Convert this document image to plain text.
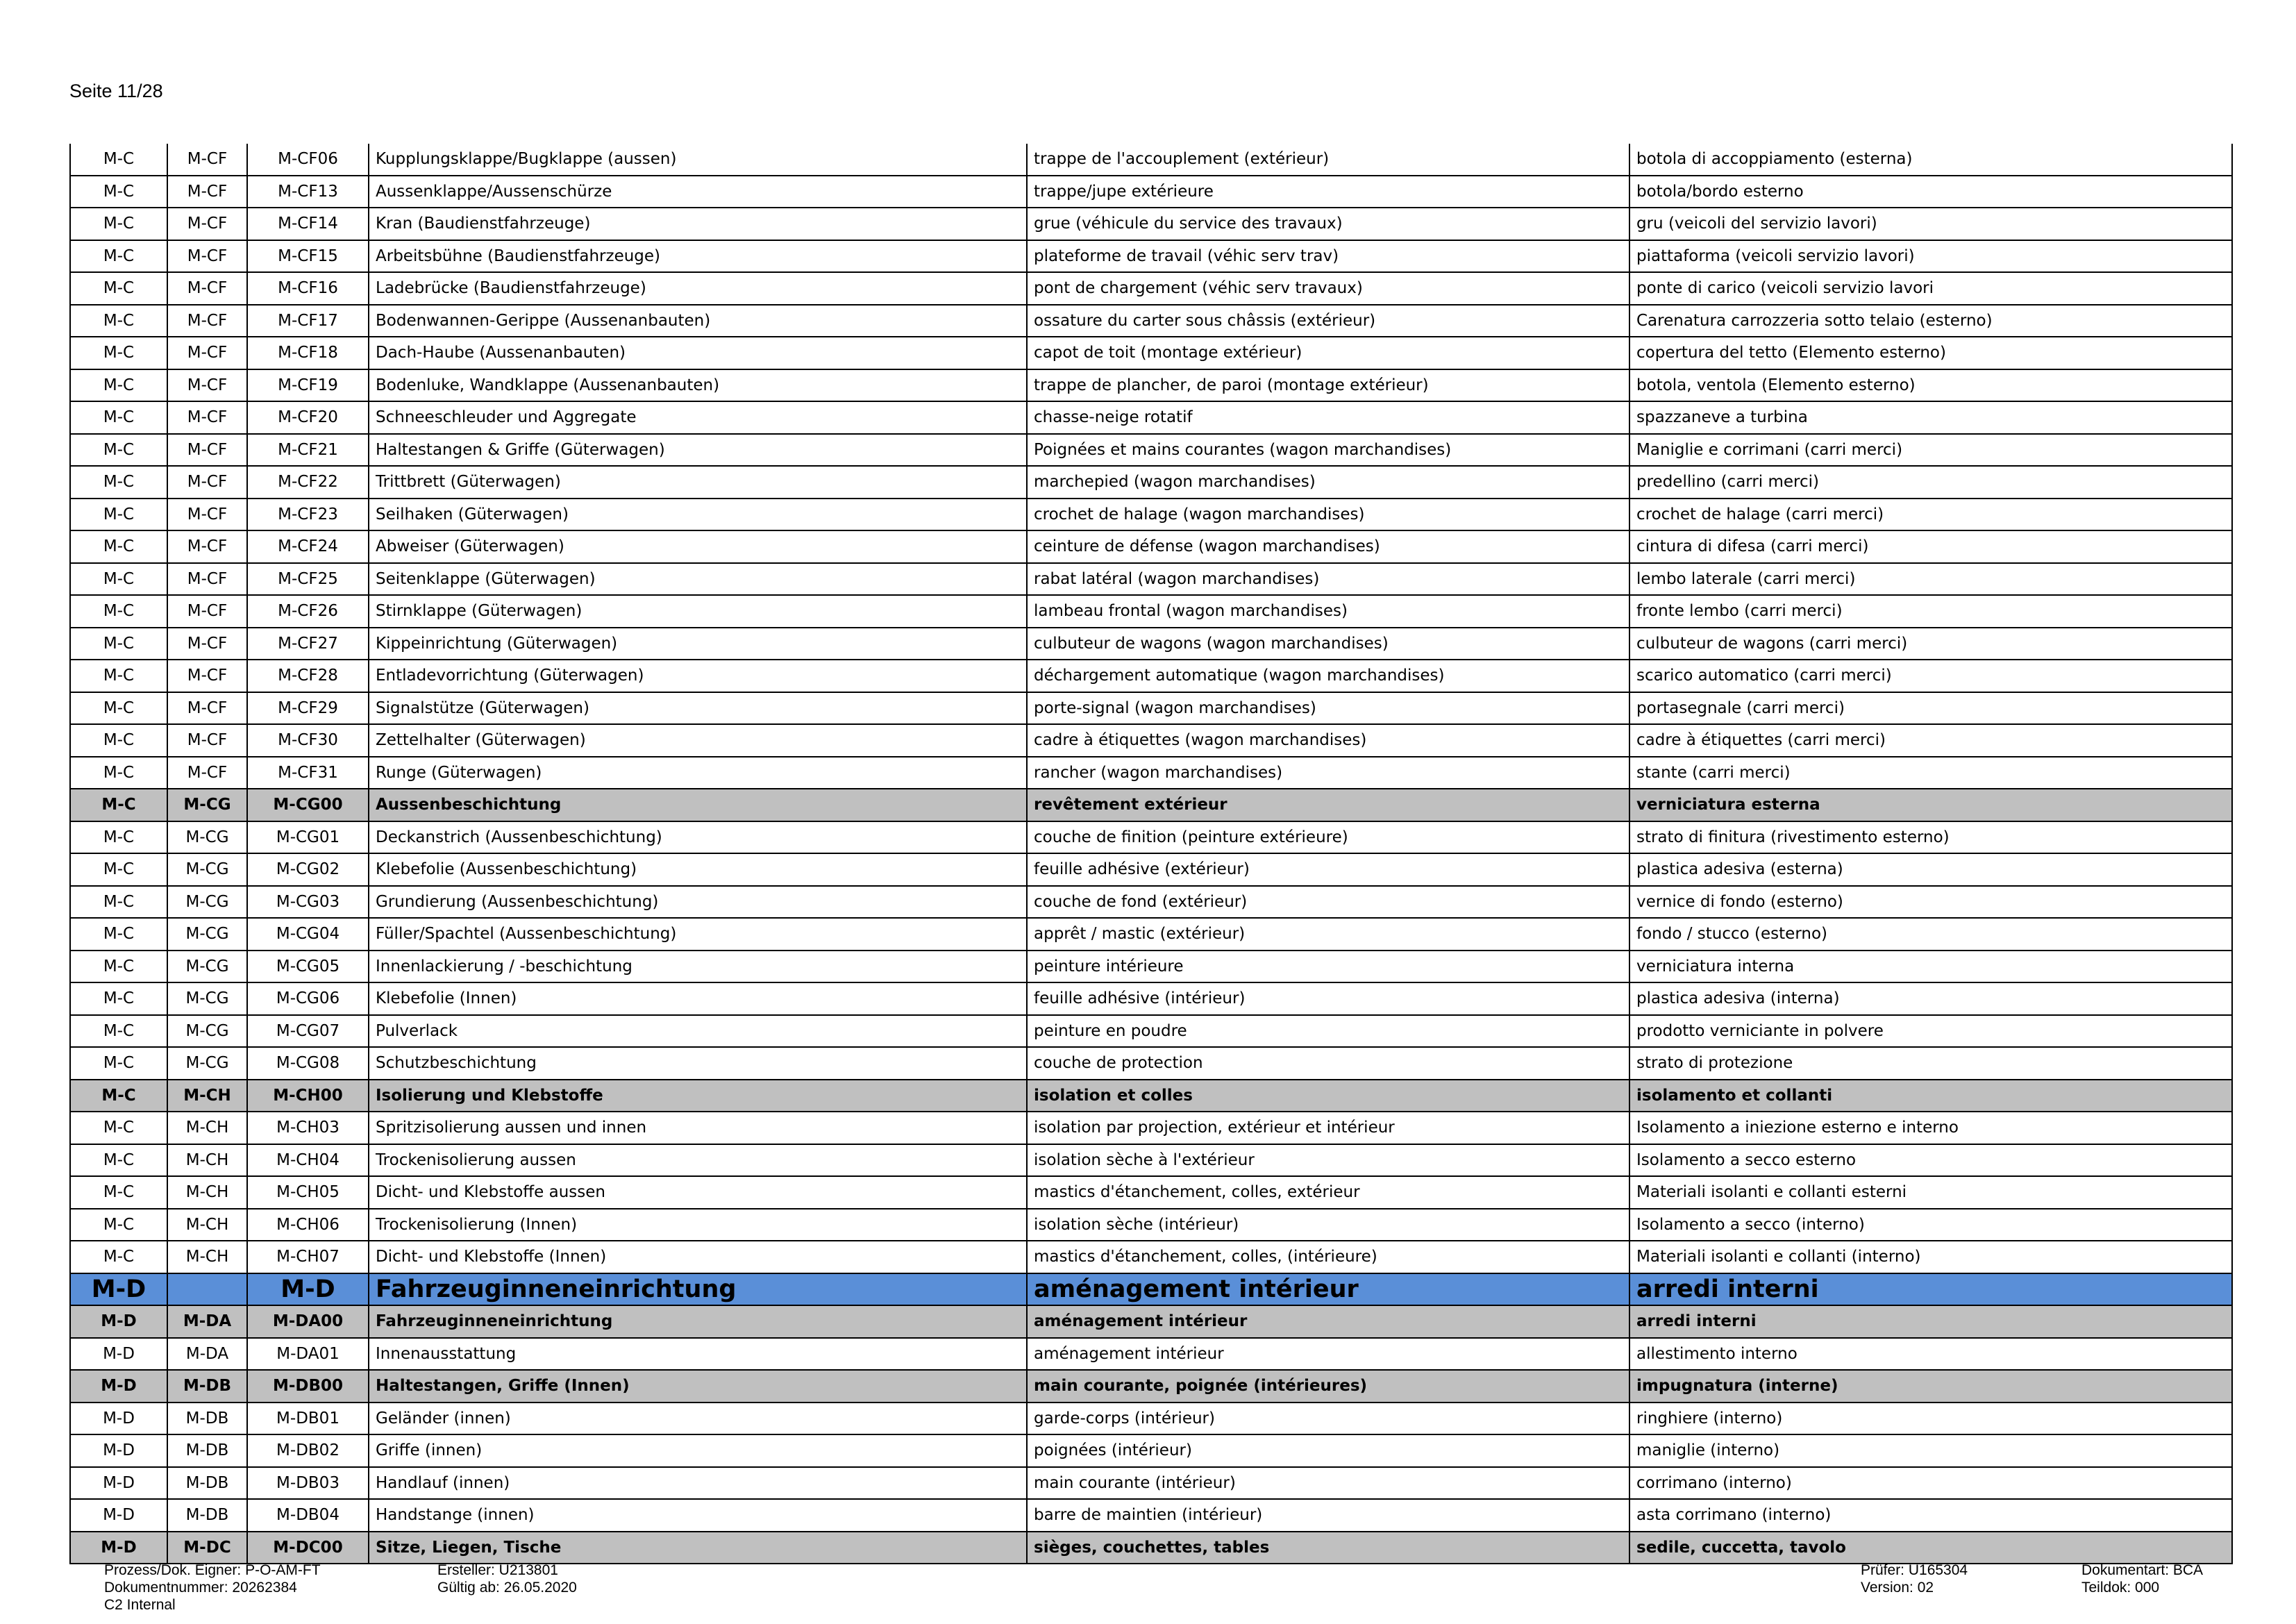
Seite 11/28
M-C	M-CF	M-CF06	Kupplungsklappe/Bugklappe (aussen)	trappe de l'accouplement (extérieur)	botola di accoppiamento (esterna)
M-C	M-CF	M-CF13	Aussenklappe/Aussenschürze	trappe/jupe extérieure	botola/bordo esterno
M-C	M-CF	M-CF14	Kran (Baudienstfahrzeuge)	grue (véhicule du service des travaux)	gru (veicoli del servizio lavori)
M-C	M-CF	M-CF15	Arbeitsbühne (Baudienstfahrzeuge)	plateforme de travail (véhic serv trav)	piattaforma (veicoli servizio lavori)
M-C	M-CF	M-CF16	Ladebrücke (Baudienstfahrzeuge)	pont de chargement (véhic serv travaux)	ponte di carico (veicoli servizio lavori
M-C	M-CF	M-CF17	Bodenwannen-Gerippe (Aussenanbauten)	ossature du carter sous châssis (extérieur)	Carenatura carrozzeria sotto telaio (esterno)
M-C	M-CF	M-CF18	Dach-Haube (Aussenanbauten)	capot de toit (montage extérieur)	copertura del tetto (Elemento esterno)
M-C	M-CF	M-CF19	Bodenluke, Wandklappe (Aussenanbauten)	trappe de plancher, de paroi (montage extérieur)	botola, ventola (Elemento esterno)
M-C	M-CF	M-CF20	Schneeschleuder und Aggregate	chasse-neige rotatif	spazzaneve a turbina
M-C	M-CF	M-CF21	Haltestangen & Griffe (Güterwagen)	Poignées et mains courantes (wagon marchandises)	Maniglie e corrimani (carri merci)
M-C	M-CF	M-CF22	Trittbrett (Güterwagen)	marchepied (wagon marchandises)	predellino (carri merci)
M-C	M-CF	M-CF23	Seilhaken (Güterwagen)	crochet de halage (wagon marchandises)	crochet de halage (carri merci)
M-C	M-CF	M-CF24	Abweiser (Güterwagen)	ceinture de défense (wagon marchandises)	cintura di difesa (carri merci)
M-C	M-CF	M-CF25	Seitenklappe (Güterwagen)	rabat latéral (wagon marchandises)	lembo laterale (carri merci)
M-C	M-CF	M-CF26	Stirnklappe (Güterwagen)	lambeau frontal (wagon marchandises)	fronte lembo (carri merci)
M-C	M-CF	M-CF27	Kippeinrichtung (Güterwagen)	culbuteur de wagons (wagon marchandises)	culbuteur de wagons (carri merci)
M-C	M-CF	M-CF28	Entladevorrichtung (Güterwagen)	déchargement automatique (wagon marchandises)	scarico automatico (carri merci)
M-C	M-CF	M-CF29	Signalstütze (Güterwagen)	porte-signal (wagon marchandises)	portasegnale (carri merci)
M-C	M-CF	M-CF30	Zettelhalter (Güterwagen)	cadre à étiquettes (wagon marchandises)	cadre à étiquettes (carri merci)
M-C	M-CF	M-CF31	Runge (Güterwagen)	rancher (wagon marchandises)	stante (carri merci)
M-C	M-CG	M-CG00	Aussenbeschichtung	revêtement extérieur	verniciatura esterna
M-C	M-CG	M-CG01	Deckanstrich (Aussenbeschichtung)	couche de finition (peinture extérieure)	strato di finitura (rivestimento esterno)
M-C	M-CG	M-CG02	Klebefolie (Aussenbeschichtung)	feuille adhésive (extérieur)	plastica adesiva (esterna)
M-C	M-CG	M-CG03	Grundierung (Aussenbeschichtung)	couche de fond (extérieur)	vernice di fondo (esterno)
M-C	M-CG	M-CG04	Füller/Spachtel (Aussenbeschichtung)	apprêt / mastic (extérieur)	fondo / stucco (esterno)
M-C	M-CG	M-CG05	Innenlackierung / -beschichtung	peinture intérieure	verniciatura interna
M-C	M-CG	M-CG06	Klebefolie (Innen)	feuille adhésive (intérieur)	plastica adesiva (interna)
M-C	M-CG	M-CG07	Pulverlack	peinture en poudre	prodotto verniciante in polvere
M-C	M-CG	M-CG08	Schutzbeschichtung	couche de protection	strato di protezione
M-C	M-CH	M-CH00	Isolierung und Klebstoffe	isolation et colles	isolamento et collanti
M-C	M-CH	M-CH03	Spritzisolierung aussen und innen	isolation par projection, extérieur et intérieur	Isolamento a iniezione esterno e interno
M-C	M-CH	M-CH04	Trockenisolierung aussen	isolation sèche à l'extérieur	Isolamento a secco esterno
M-C	M-CH	M-CH05	Dicht- und Klebstoffe aussen	mastics d'étanchement, colles, extérieur	Materiali isolanti e collanti esterni
M-C	M-CH	M-CH06	Trockenisolierung (Innen)	isolation sèche (intérieur)	Isolamento a secco (interno)
M-C	M-CH	M-CH07	Dicht- und Klebstoffe (Innen)	mastics d'étanchement, colles, (intérieure)	Materiali isolanti e collanti (interno)
M-D		M-D	Fahrzeuginneneinrichtung	aménagement intérieur	arredi interni
M-D	M-DA	M-DA00	Fahrzeuginneneinrichtung	aménagement intérieur	arredi interni
M-D	M-DA	M-DA01	Innenausstattung	aménagement intérieur	allestimento interno
M-D	M-DB	M-DB00	Haltestangen, Griffe (Innen)	main courante, poignée (intérieures)	impugnatura (interne)
M-D	M-DB	M-DB01	Geländer (innen)	garde-corps (intérieur)	ringhiere (interno)
M-D	M-DB	M-DB02	Griffe (innen)	poignées (intérieur)	maniglie (interno)
M-D	M-DB	M-DB03	Handlauf (innen)	main courante (intérieur)	corrimano (interno)
M-D	M-DB	M-DB04	Handstange (innen)	barre de maintien (intérieur)	asta corrimano (interno)
M-D	M-DC	M-DC00	Sitze, Liegen, Tische	sièges, couchettes, tables	sedile, cuccetta, tavolo
Prozess/Dok. Eigner: P-O-AM-FT
Dokumentnummer: 20262384
C2 Internal
Ersteller: U213801
Gültig ab: 26.05.2020
Prüfer: U165304
Version: 02
Dokumentart: BCA
Teildok: 000
